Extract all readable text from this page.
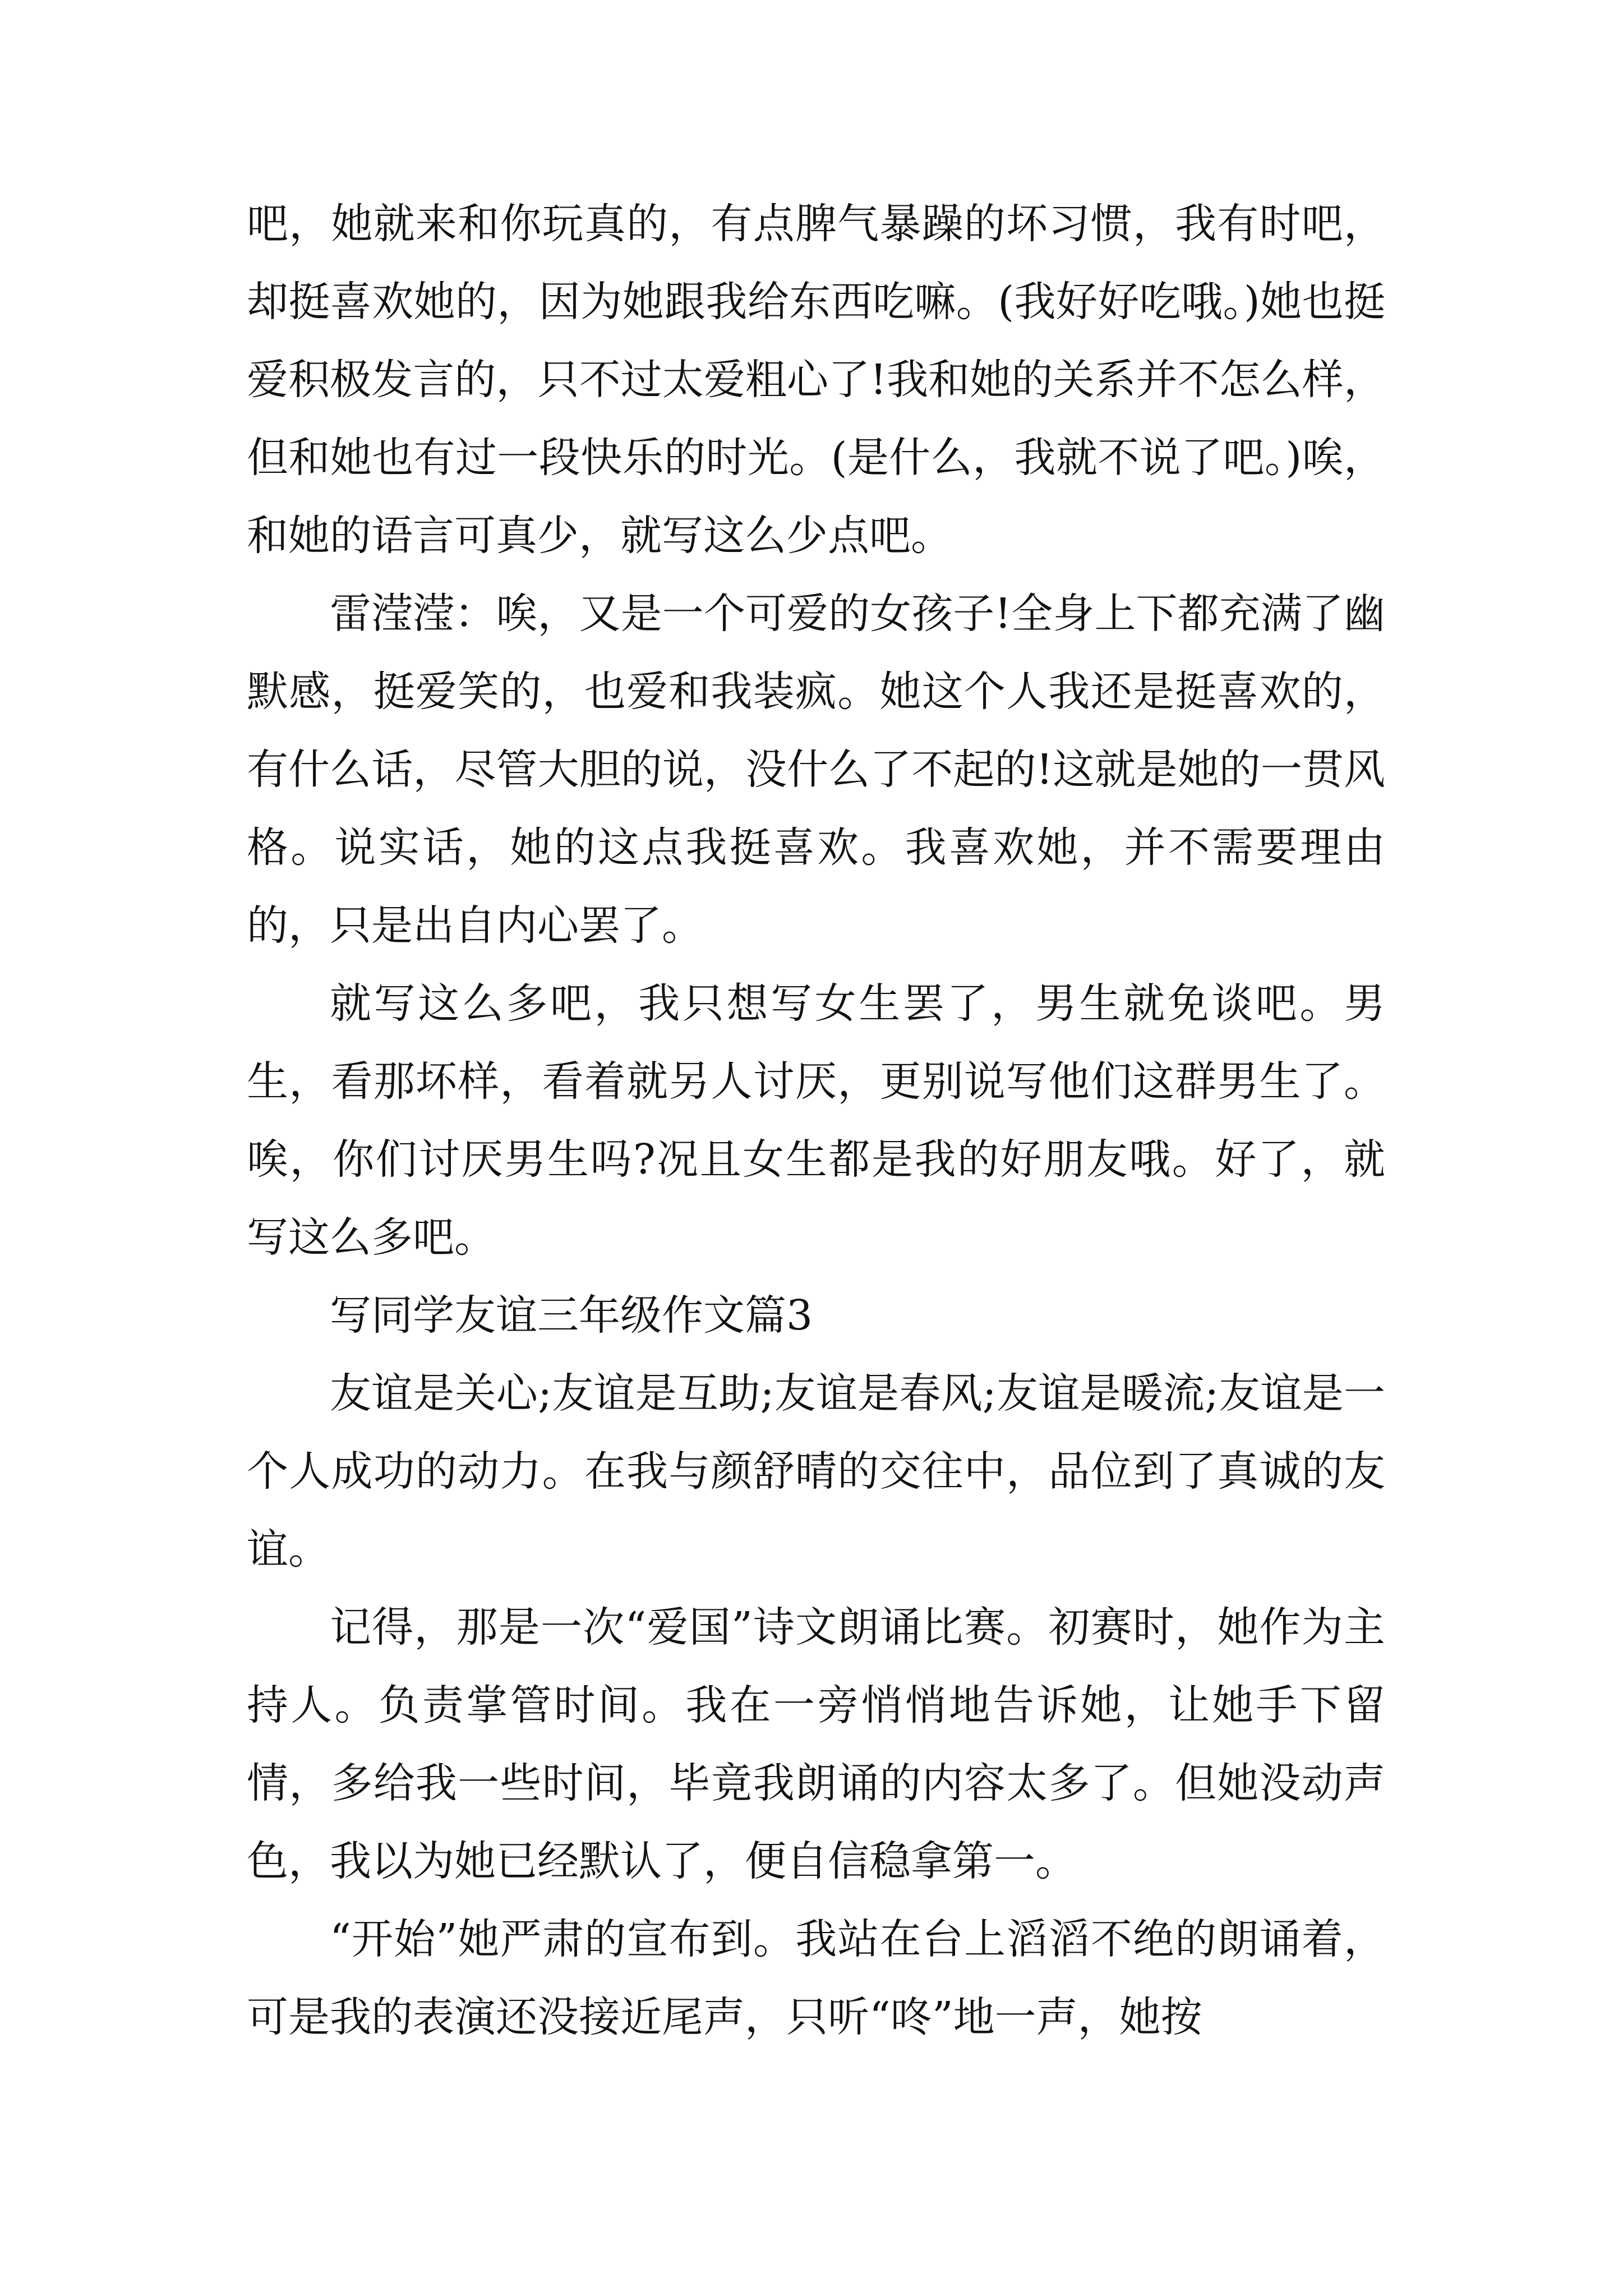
吧，她就来和你玩真的，有点脾气暴躁的坏习惯，我有时吧，却挺喜欢她的，因为她跟我给东西吃嘛。(我好好吃哦。)她也挺爱积极发言的，只不过太爱粗心了!我和她的关系并不怎么样，但和她也有过一段快乐的时光。(是什么，我就不说了吧。)唉，和她的语言可真少，就写这么少点吧。

雷滢滢：唉，又是一个可爱的女孩子!全身上下都充满了幽默感，挺爱笑的，也爱和我装疯。她这个人我还是挺喜欢的，有什么话，尽管大胆的说，没什么了不起的!这就是她的一贯风格。说实话，她的这点我挺喜欢。我喜欢她，并不需要理由的，只是出自内心罢了。

就写这么多吧，我只想写女生罢了，男生就免谈吧。男生，看那坏样，看着就另人讨厌，更别说写他们这群男生了。唉，你们讨厌男生吗?况且女生都是我的好朋友哦。好了，就写这么多吧。

写同学友谊三年级作文篇3

友谊是关心;友谊是互助;友谊是春风;友谊是暖流;友谊是一个人成功的动力。在我与颜舒晴的交往中，品位到了真诚的友谊。

记得，那是一次“爱国”诗文朗诵比赛。初赛时，她作为主持人。负责掌管时间。我在一旁悄悄地告诉她，让她手下留情，多给我一些时间，毕竟我朗诵的内容太多了。但她没动声色，我以为她已经默认了，便自信稳拿第一。

“开始”她严肃的宣布到。我站在台上滔滔不绝的朗诵着，可是我的表演还没接近尾声，只听“咚”地一声，她按
